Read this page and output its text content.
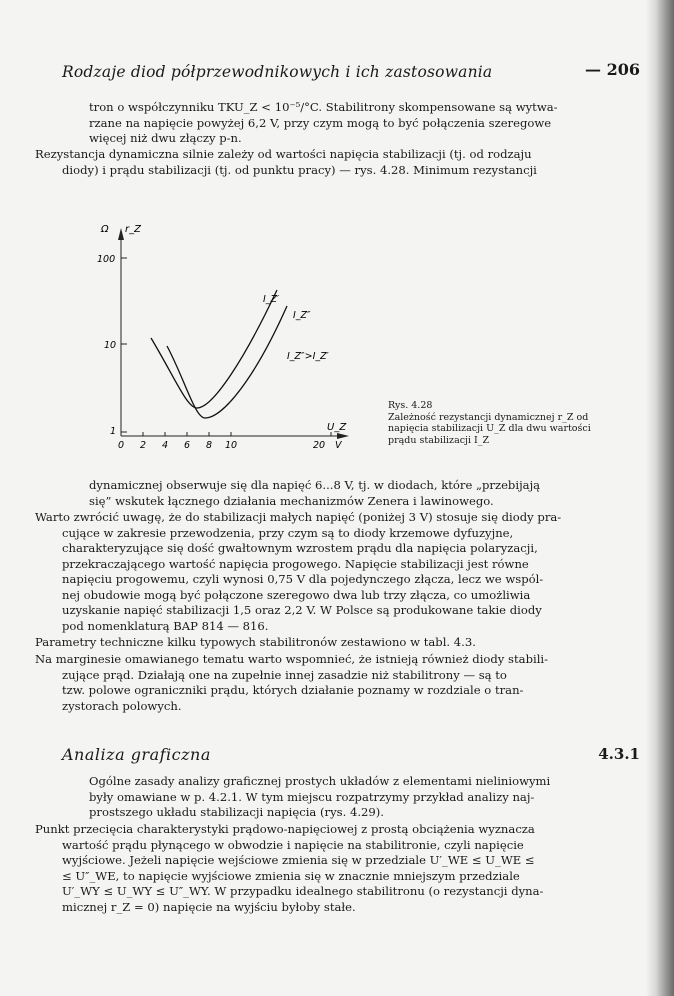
Rodzaje diod półprzewodnikowych i ich zastosowania	— 206
tron o współczynniku TKU_Z < 10⁻⁵/°C. Stabilitrony skompensowane są wytwa-
rzane na napięcie powyżej 6,2 V, przy czym mogą to być połączenia szeregowe
więcej niż dwu złączy p-n.
Rezystancja dynamiczna silnie zależy od wartości napięcia stabilizacji (tj. od rodzaju
diody) i prądu stabilizacji (tj. od punktu pracy) — rys. 4.28. Minimum rezystancji
Ω r_Z
100
10
1
0 2 4 6 8 10	20 V
U_Z
I_Z′
I_Z″
I_Z″>I_Z′
Rys. 4.28
Zależność rezystancji dynamicznej r_Z od
napięcia stabilizacji U_Z dla dwu wartości
prądu stabilizacji I_Z
dynamicznej obserwuje się dla napięć 6...8 V, tj. w diodach, które „przebijają
się” wskutek łącznego działania mechanizmów Zenera i lawinowego.
Warto zwrócić uwagę, że do stabilizacji małych napięć (poniżej 3 V) stosuje się diody pra-
cujące w zakresie przewodzenia, przy czym są to diody krzemowe dyfuzyjne,
charakteryzujące się dość gwałtownym wzrostem prądu dla napięcia polaryzacji,
przekraczającego wartość napięcia progowego. Napięcie stabilizacji jest równe
napięciu progowemu, czyli wynosi 0,75 V dla pojedynczego złącza, lecz we wspól-
nej obudowie mogą być połączone szeregowo dwa lub trzy złącza, co umożliwia
uzyskanie napięć stabilizacji 1,5 oraz 2,2 V. W Polsce są produkowane takie diody
pod nomenklaturą BAP 814 — 816.
Parametry techniczne kilku typowych stabilitronów zestawiono w tabl. 4.3.
Na marginesie omawianego tematu warto wspomnieć, że istnieją również diody stabili-
zujące prąd. Działają one na zupełnie innej zasadzie niż stabilitrony — są to
tzw. polowe ograniczniki prądu, których działanie poznamy w rozdziale o tran-
zystorach polowych.
Analiza graficzna	4.3.1
Ogólne zasady analizy graficznej prostych układów z elementami nieliniowymi
były omawiane w p. 4.2.1. W tym miejscu rozpatrzymy przykład analizy naj-
prostszego układu stabilizacji napięcia (rys. 4.29).
Punkt przecięcia charakterystyki prądowo-napięciowej z prostą obciążenia wyznacza
wartość prądu płynącego w obwodzie i napięcie na stabilitronie, czyli napięcie
wyjściowe. Jeżeli napięcie wejściowe zmienia się w przedziale U′_WE ≤ U_WE ≤
≤ U″_WE, to napięcie wyjściowe zmienia się w znacznie mniejszym przedziale
U′_WY ≤ U_WY ≤ U″_WY. W przypadku idealnego stabilitronu (o rezystancji dyna-
micznej r_Z = 0) napięcie na wyjściu byłoby stałe.
